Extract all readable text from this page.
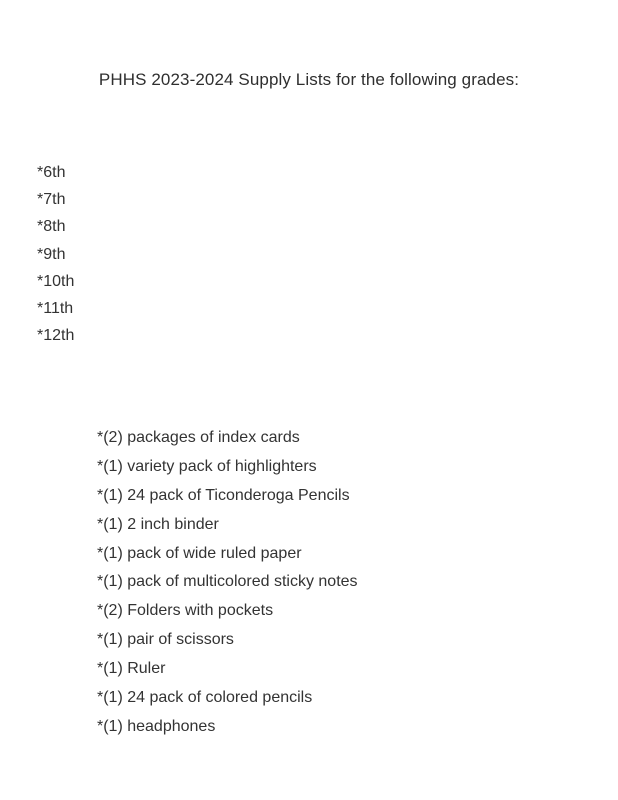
PHHS 2023-2024 Supply Lists for the following grades:
*6th
*7th
*8th
*9th
*10th
*11th
*12th
*(2) packages of index cards
*(1) variety pack of highlighters
*(1) 24 pack of Ticonderoga Pencils
*(1) 2 inch binder
*(1) pack of wide ruled paper
*(1) pack of multicolored sticky notes
*(2) Folders with pockets
*(1) pair of scissors
*(1) Ruler
*(1) 24 pack of colored pencils
*(1) headphones
